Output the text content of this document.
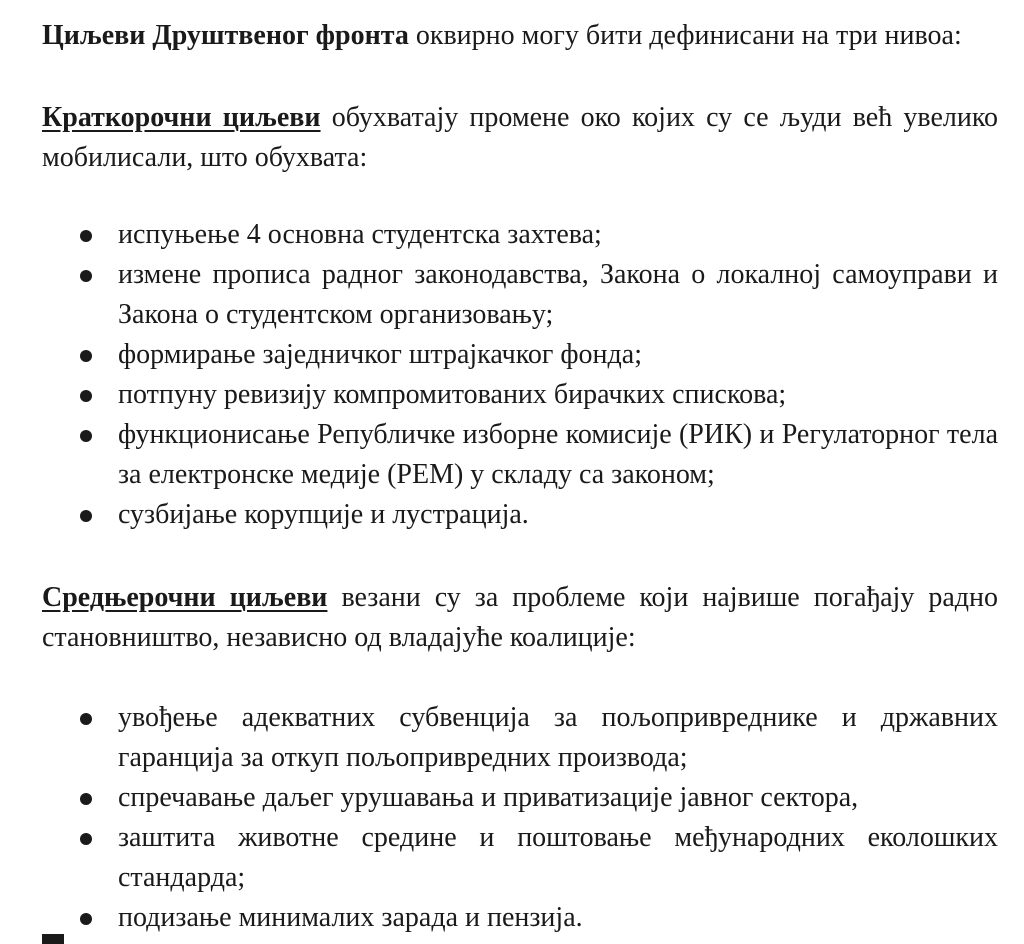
Циљеви Друштвеног фронта оквирно могу бити дефинисани на три нивоа:

Краткорочни циљеви обухватају промене око којих су се људи већ увелико мобилисали, што обухвата:

испуњење 4 основна студентска захтева;
измене прописа радног законодавства, Закона о локалној самоуправи и Закона о студентском организовању;
формирање заједничког штрајкачког фонда;
потпуну ревизију компромитованих бирачких спискова;
функционисање Републичке изборне комисије (РИК) и Регулаторног тела за електронске медије (РЕМ) у складу са законом;
сузбијање корупције и лустрација.

Средњерочни циљеви везани су за проблеме који највише погађају радно становништво, независно од владајуће коалиције:

увођење адекватних субвенција за пољопривреднике и државних гаранција за откуп пољопривредних производа;
спречавање даљег урушавања и приватизације јавног сектора,
заштита животне средине и поштовање међународних еколошких стандарда;
подизање минималих зарада и пензија.
